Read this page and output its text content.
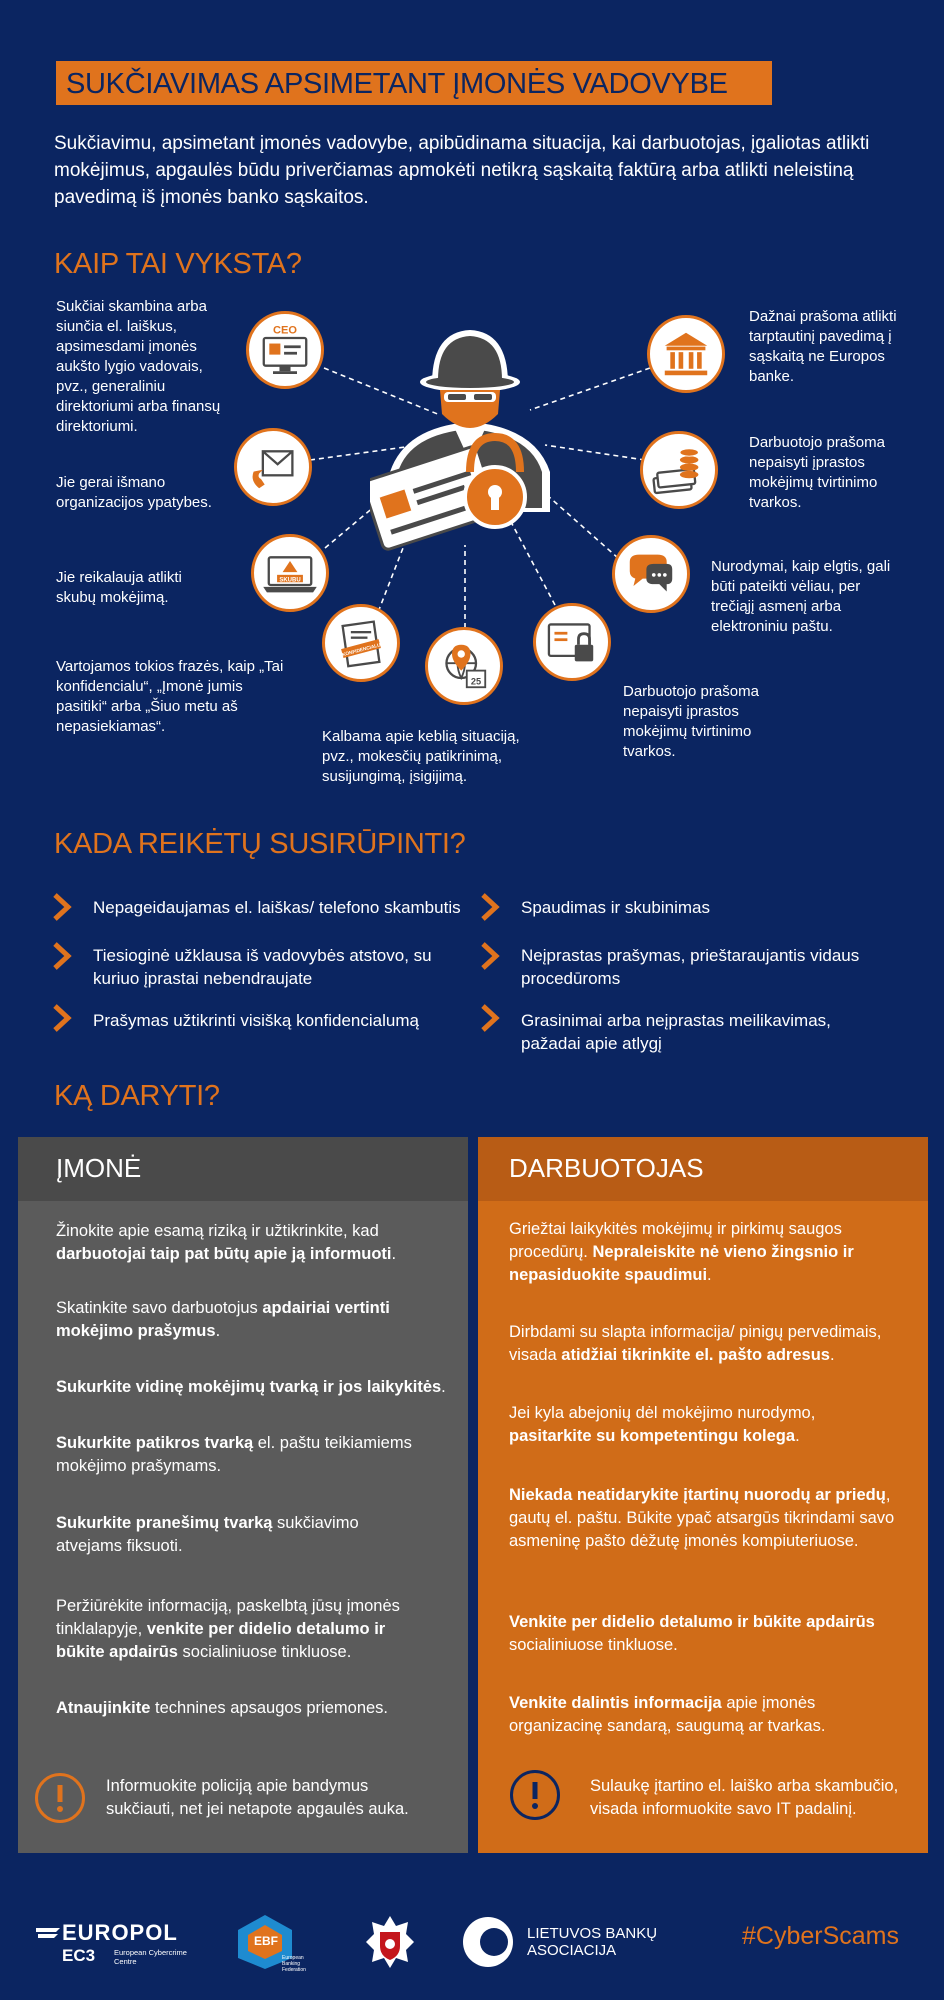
SUKČIAVIMAS APSIMETANT ĮMONĖS VADOVYBE

Sukčiavimu, apsimetant įmonės vadovybe, apibūdinama situacija, kai darbuotojas, įgaliotas atlikti mokėjimus, apgaulės būdu priverčiamas apmokėti netikrą sąskaitą faktūrą arba atlikti neleistiną pavedimą iš įmonės banko sąskaitos.

KAIP TAI VYKSTA?
CEO
SKUBU
KONFIDENCIALU
25

Sukčiai skambina arba siunčia el. laiškus, apsimesdami įmonės aukšto lygio vadovais, pvz., generaliniu direktoriumi arba finansų direktoriumi.

Jie gerai išmano organizacijos ypatybes.

Jie reikalauja atlikti skubų mokėjimą.

Vartojamos tokios frazės, kaip „Tai konfidencialu“, „Įmonė jumis pasitiki“ arba „Šiuo metu aš nepasiekiamas“.

Kalbama apie keblią situaciją, pvz., mokesčių patikrinimą, susijungimą, įsigijimą.

Darbuotojo prašoma nepaisyti įprastos mokėjimų tvirtinimo tvarkos.

Nurodymai, kaip elgtis, gali būti pateikti vėliau, per trečiąjį asmenį arba elektroniniu paštu.

Darbuotojo prašoma nepaisyti įprastos mokėjimų tvirtinimo tvarkos.

Dažnai prašoma atlikti tarptautinį pavedimą į sąskaitą ne Europos banke.

KADA REIKĖTŲ SUSIRŪPINTI?

Nepageidaujamas el. laiškas/ telefono skambutis

Tiesioginė užklausa iš vadovybės atstovo, su kuriuo įprastai nebendraujate

Prašymas užtikrinti visišką konfidencialumą

Spaudimas ir skubinimas

Neįprastas prašymas, prieštaraujantis vidaus procedūroms

Grasinimai arba neįprastas meilikavimas, pažadai apie atlygį

KĄ DARYTI?
ĮMONĖ

Žinokite apie esamą riziką ir užtikrinkite, kad darbuotojai taip pat būtų apie ją informuoti.

Skatinkite savo darbuotojus apdairiai vertinti mokėjimo prašymus.

Sukurkite vidinę mokėjimų tvarką ir jos laikykitės.

Sukurkite patikros tvarką el. paštu teikiamiems mokėjimo prašymams.

Sukurkite pranešimų tvarką sukčiavimo atvejams fiksuoti.

Peržiūrėkite informaciją, paskelbtą jūsų įmonės tinklalapyje, venkite per didelio detalumo ir būkite apdairūs socialiniuose tinkluose.

Atnaujinkite technines apsaugos priemones.

Informuokite policiją apie bandymus sukčiauti, net jei netapote apgaulės auka.

DARBUOTOJAS

Griežtai laikykitės mokėjimų ir pirkimų saugos procedūrų. Nepraleiskite nė vieno žingsnio ir nepasiduokite spaudimui.

Dirbdami su slapta informacija/ pinigų pervedimais, visada atidžiai tikrinkite el. pašto adresus.

Jei kyla abejonių dėl mokėjimo nurodymo, pasitarkite su kompetentingu kolega.

Niekada neatidarykite įtartinų nuorodų ar priedų, gautų el. paštu. Būkite ypač atsargūs tikrindami savo asmeninę pašto dėžutę įmonės kompiuteriuose.

Venkite per didelio detalumo ir būkite apdairūs socialiniuose tinkluose.

Venkite dalintis informacija apie įmonės organizacinę sandarą, saugumą ar tvarkas.

Sulaukę įtartino el. laiško arba skambučio, visada informuokite savo IT padalinį.

EUROPOL
EC3	European Cybercrime
Centre
EBF
European Banking Federation
LIETUVOS BANKŲ
ASOCIACIJA
#CyberScams
